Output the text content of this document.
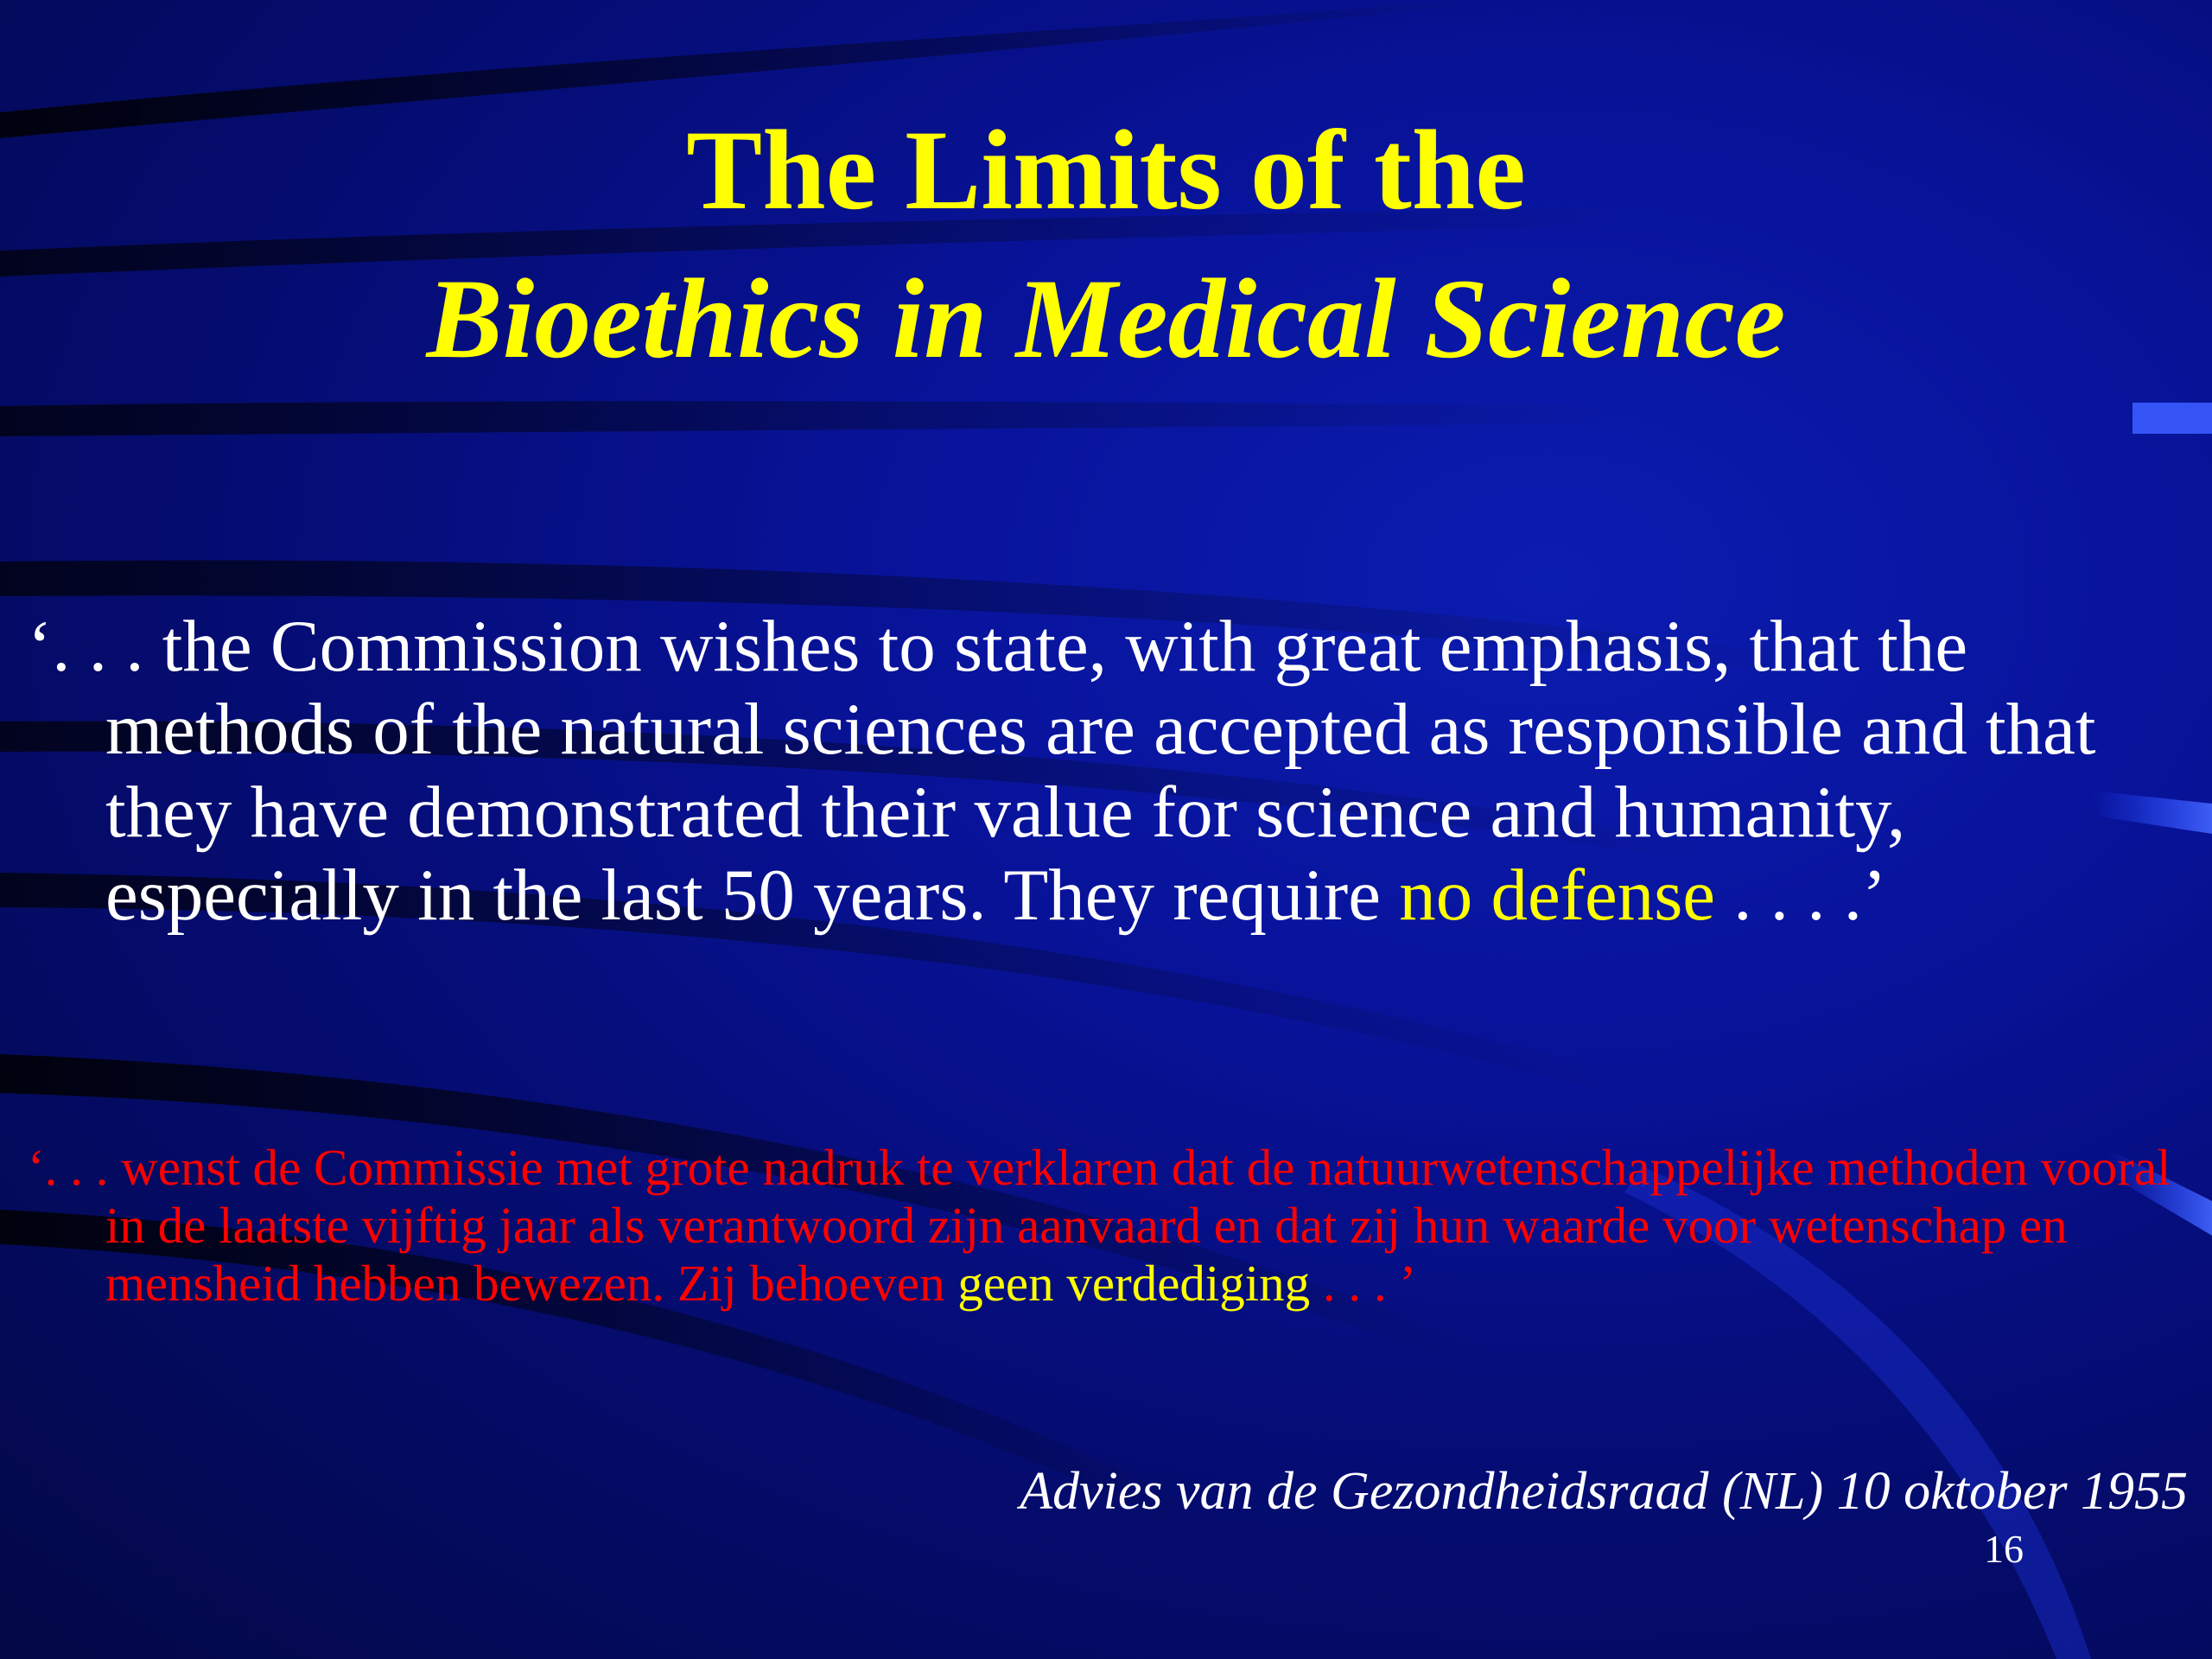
The Limits of the
Bioethics in Medical Science

‘. . . the Commission wishes to state, with great emphasis, that the methods of the natural sciences are accepted as responsible and that they have demonstrated their value for science and humanity, especially in the last 50 years. They require no defense . . . .’

‘. . . wenst de Commissie met grote nadruk te verklaren dat de natuurwetenschappelijke methoden vooral in de laatste vijftig jaar als verantwoord zijn aanvaard en dat zij hun waarde voor wetenschap en mensheid hebben bewezen. Zij behoeven geen verdediging . . . ’

Advies van de Gezondheidsraad (NL) 10 oktober 1955

16
